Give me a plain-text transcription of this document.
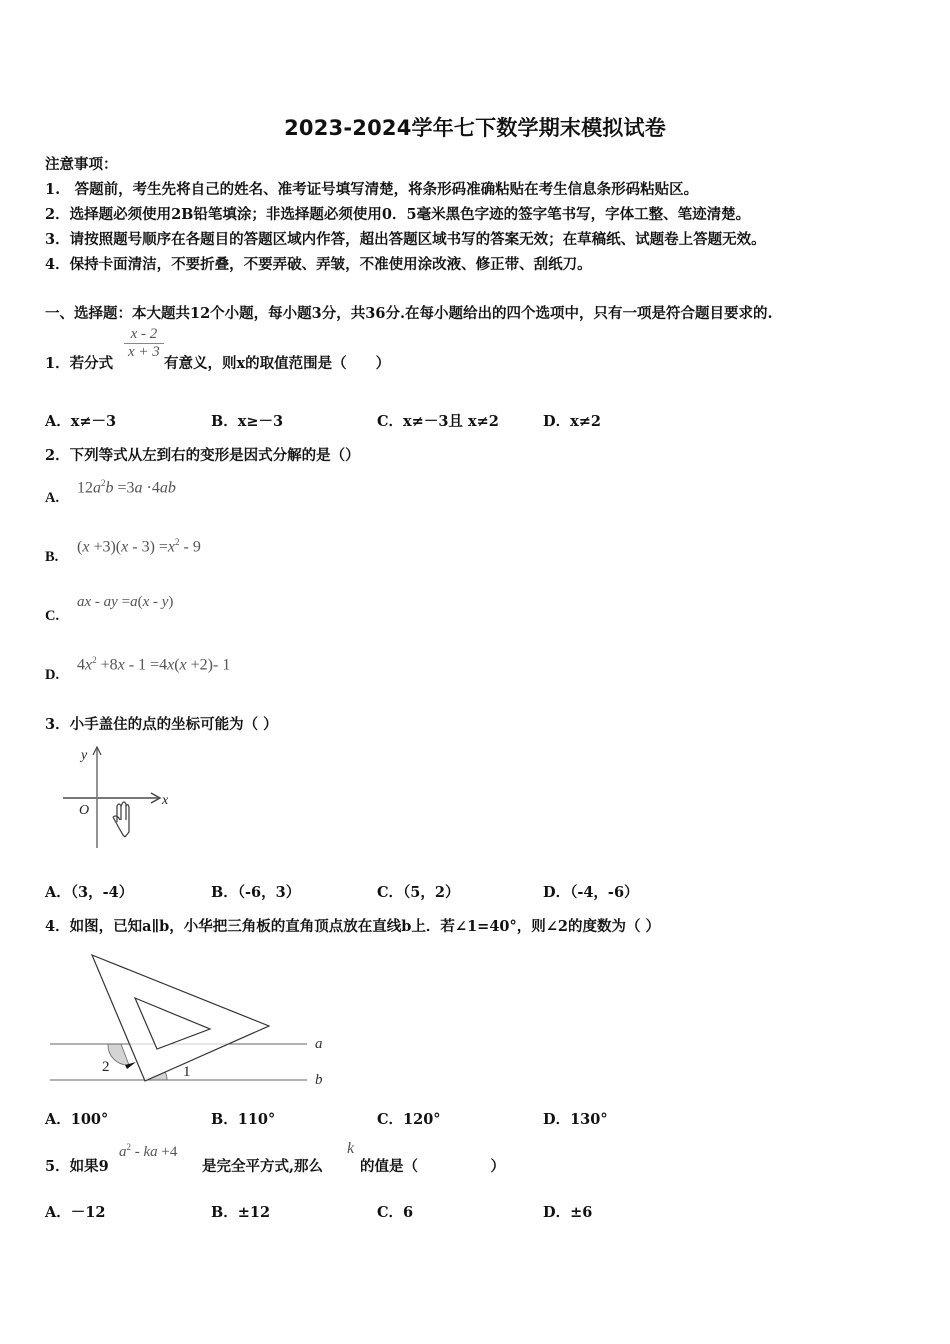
2023-2024学年七下数学期末模拟试卷
注意事项：
1.　答题前，考生先将自己的姓名、准考证号填写清楚，将条形码准确粘贴在考生信息条形码粘贴区。
2．选择题必须使用2B铅笔填涂；非选择题必须使用0．5毫米黑色字迹的签字笔书写，字体工整、笔迹清楚。
3．请按照题号顺序在各题目的答题区域内作答，超出答题区域书写的答案无效；在草稿纸、试题卷上答题无效。
4．保持卡面清洁，不要折叠，不要弄破、弄皱，不准使用涂改液、修正带、刮纸刀。
一、选择题：本大题共12个小题，每小题3分，共36分.在每小题给出的四个选项中，只有一项是符合题目要求的.
1．若分式
$\frac{x - 2}{x + 3}$
有意义，则x的取值范围是（　　）
A．x≠－3	B．x≥－3	C．x≠－3且 x≠2	D．x≠2
2．下列等式从左到右的变形是因式分解的是（）
A.
$12a^2b =3a \cdot 4ab$
B.
$(x +3)(x - 3) =x^2 - 9$
C.
ax - ay =a(x - y)
D.
$4x^2 +8x - 1 =4x(x +2)-$ 1
3．小手盖住的点的坐标可能为（ ）
y
x
O
A．（3，-4）	B．（-6，3）	C．（5，2）	D．（-4，-6）
4．如图，已知a∥b，小华把三角板的直角顶点放在直线b上．若∠1=40°，则∠2的度数为（ ）
2	1
a
b
A．100°	B．110°	C．120°	D．130°
5．如果9
$a^2$ - ka +4
是完全平方式,那么
k
的值是（　　　　　）
A．－12	B．±12	C．6	D．±6
